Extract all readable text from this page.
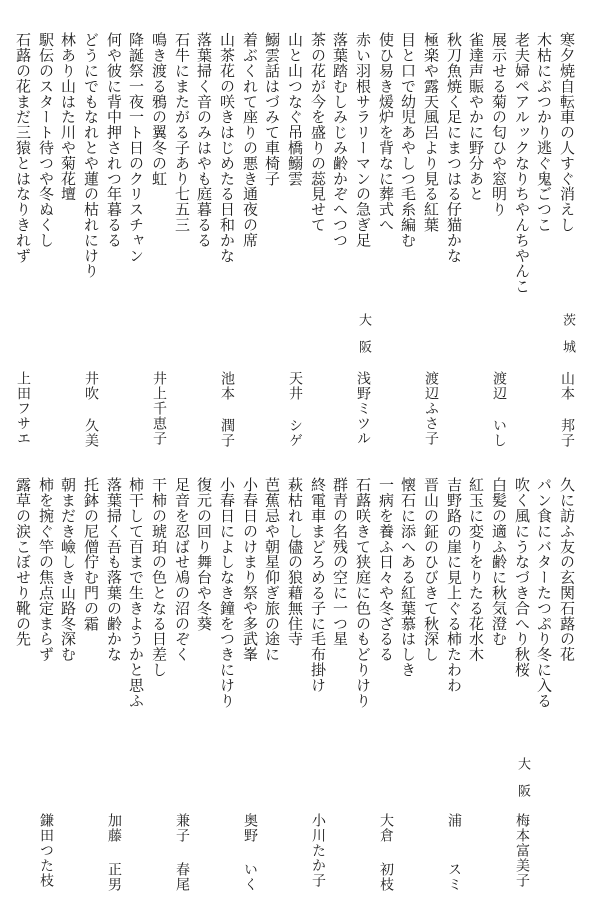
寒夕焼自転車の人すぐ消えし
木枯にぶつかり逃ぐ鬼ごつこ
老夫婦ペアルックなりちやんちやんこ
展示せる菊の匂ひや窓明り
雀達声賑やかに野分あと
秋刀魚焼く足にまつはる仔猫かな
極楽や露天風呂より見る紅葉
目と口で幼児あやしつ毛糸編む
使ひ易き煖炉を背なに葬式へ
赤い羽根サラリーマンの急ぎ足
落葉踏むしみじみ齢かぞへつつ
茶の花が今を盛りの蕊見せて
山と山つなぐ吊橋鰯雲
鰯雲話はづみて車椅子
着ぶくれて座りの悪き通夜の席
山茶花の咲きはじめたる日和かな
落葉掃く音のみはやも庭暮るる
石牛にまたがる子あり七五三
鳴き渡る鴉の翼冬の虹
降誕祭一夜一ト日のクリスチャン
何や彼に背中押されつ年暮るる
どうにでもなれとや蓮の枯れにけり
林あり山はた川や菊花壇
駅伝のスタート待つや冬ぬくし
石蕗の花まだ三猿とはなりきれず
茨城
山本
邦子
渡辺
いし
渡辺
ふさ子
大阪
浅野
ミツル
天井
シゲ
池本
潤子
井上
千恵子
井吹
久美
上田
フサエ
久に訪ふ友の玄関石蕗の花
パン食にバターたつぷり冬に入る
吹く風にうなづき合へり秋桜
白髪の適ふ齢に秋気澄む
紅玉に変りをりたる花水木
吉野路の崖に見上ぐる柿たわわ
晋山の鉦のひびきて秋深し
懐石に添へある紅葉慕はしき
一病を養ふ日々や冬ざるる
石蕗咲きて狭庭に色のもどりけり
群青の名残の空に一つ星
終電車まどろめる子に毛布掛け
萩枯れし儘の狼藉無住寺
芭蕉忌や朝星仰ぎ旅の途に
小春日のけまり祭や多武峯
小春日によしなき鐘をつきにけり
復元の回り舞台や冬葵
足音を忍ばせ鳰の沼のぞく
干柿の琥珀の色となる日差し
柿干して百まで生きようかと思ふ
落葉掃く吾も落葉の齢かな
托鉢の尼僧佇む門の霜
朝まだき嶮しき山路冬深む
柿を捥ぐ竿の焦点定まらず
露草の涙こぼせり靴の先
大阪
梅本
富美子
浦
スミ
大倉
初枝
小川
たか子
奥野
いく
兼子
春尾
加藤
正男
鎌田
つた枝
